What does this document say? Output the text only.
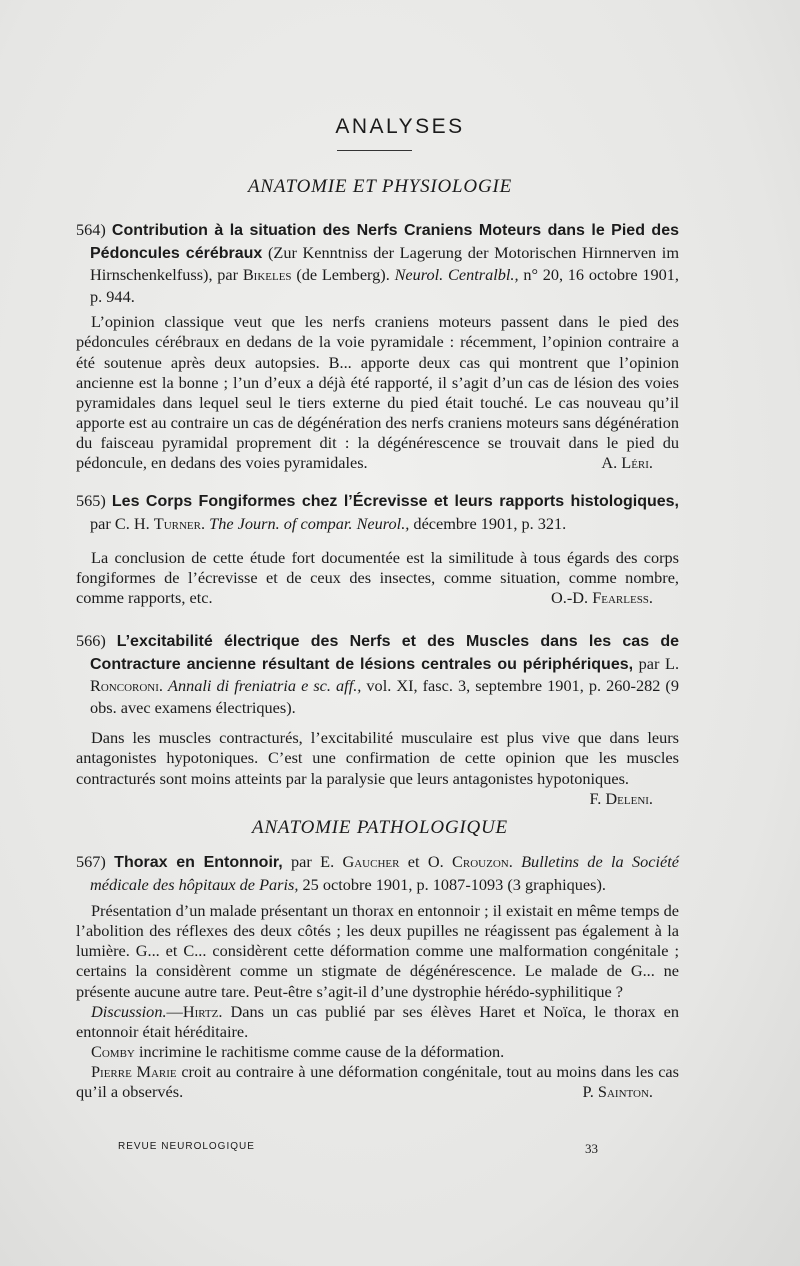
ANALYSES
ANATOMIE ET PHYSIOLOGIE

564) Contribution à la situation des Nerfs Craniens Moteurs dans le Pied des Pédoncules cérébraux (Zur Kenntniss der Lagerung der Motorischen Hirnnerven im Hirnschenkelfuss), par Bikeles (de Lemberg). Neurol. Centralbl., n° 20, 16 octobre 1901, p. 944.

L’opinion classique veut que les nerfs craniens moteurs passent dans le pied des pédoncules cérébraux en dedans de la voie pyramidale : récemment, l’opinion contraire a été soutenue après deux autopsies. B... apporte deux cas qui montrent que l’opinion ancienne est la bonne ; l’un d’eux a déjà été rapporté, il s’agit d’un cas de lésion des voies pyramidales dans lequel seul le tiers externe du pied était touché. Le cas nouveau qu’il apporte est au contraire un cas de dégénération des nerfs craniens moteurs sans dégénération du faisceau pyramidal proprement dit : la dégénérescence se trouvait dans le pied du pédoncule, en dedans des voies pyramidales.	A. Léri.

565) Les Corps Fongiformes chez l’Écrevisse et leurs rapports histologiques, par C. H. Turner. The Journ. of compar. Neurol., décembre 1901, p. 321.

La conclusion de cette étude fort documentée est la similitude à tous égards des corps fongiformes de l’écrevisse et de ceux des insectes, comme situation, comme nombre, comme rapports, etc.	O.-D. Fearless.

566) L’excitabilité électrique des Nerfs et des Muscles dans les cas de Contracture ancienne résultant de lésions centrales ou périphériques, par L. Roncoroni. Annali di freniatria e sc. aff., vol. XI, fasc. 3, septembre 1901, p. 260-282 (9 obs. avec examens électriques).

Dans les muscles contracturés, l’excitabilité musculaire est plus vive que dans leurs antagonistes hypotoniques. C’est une confirmation de cette opinion que les muscles contracturés sont moins atteints par la paralysie que leurs antagonistes hypotoniques.
F. Deleni.

ANATOMIE PATHOLOGIQUE

567) Thorax en Entonnoir, par E. Gaucher et O. Crouzon. Bulletins de la Société médicale des hôpitaux de Paris, 25 octobre 1901, p. 1087-1093 (3 graphiques).

Présentation d’un malade présentant un thorax en entonnoir ; il existait en même temps de l’abolition des réflexes des deux côtés ; les deux pupilles ne réagissent pas également à la lumière. G... et C... considèrent cette déformation comme une malformation congénitale ; certains la considèrent comme un stigmate de dégénérescence. Le malade de G... ne présente aucune autre tare. Peut-être s’agit-il d’une dystrophie hérédo-syphilitique ?

Discussion.—Hirtz. Dans un cas publié par ses élèves Haret et Noïca, le thorax en entonnoir était héréditaire.

Comby incrimine le rachitisme comme cause de la déformation.

Pierre Marie croit au contraire à une déformation congénitale, tout au moins dans les cas qu’il a observés.	P. Sainton.

REVUE NEUROLOGIQUE	33
